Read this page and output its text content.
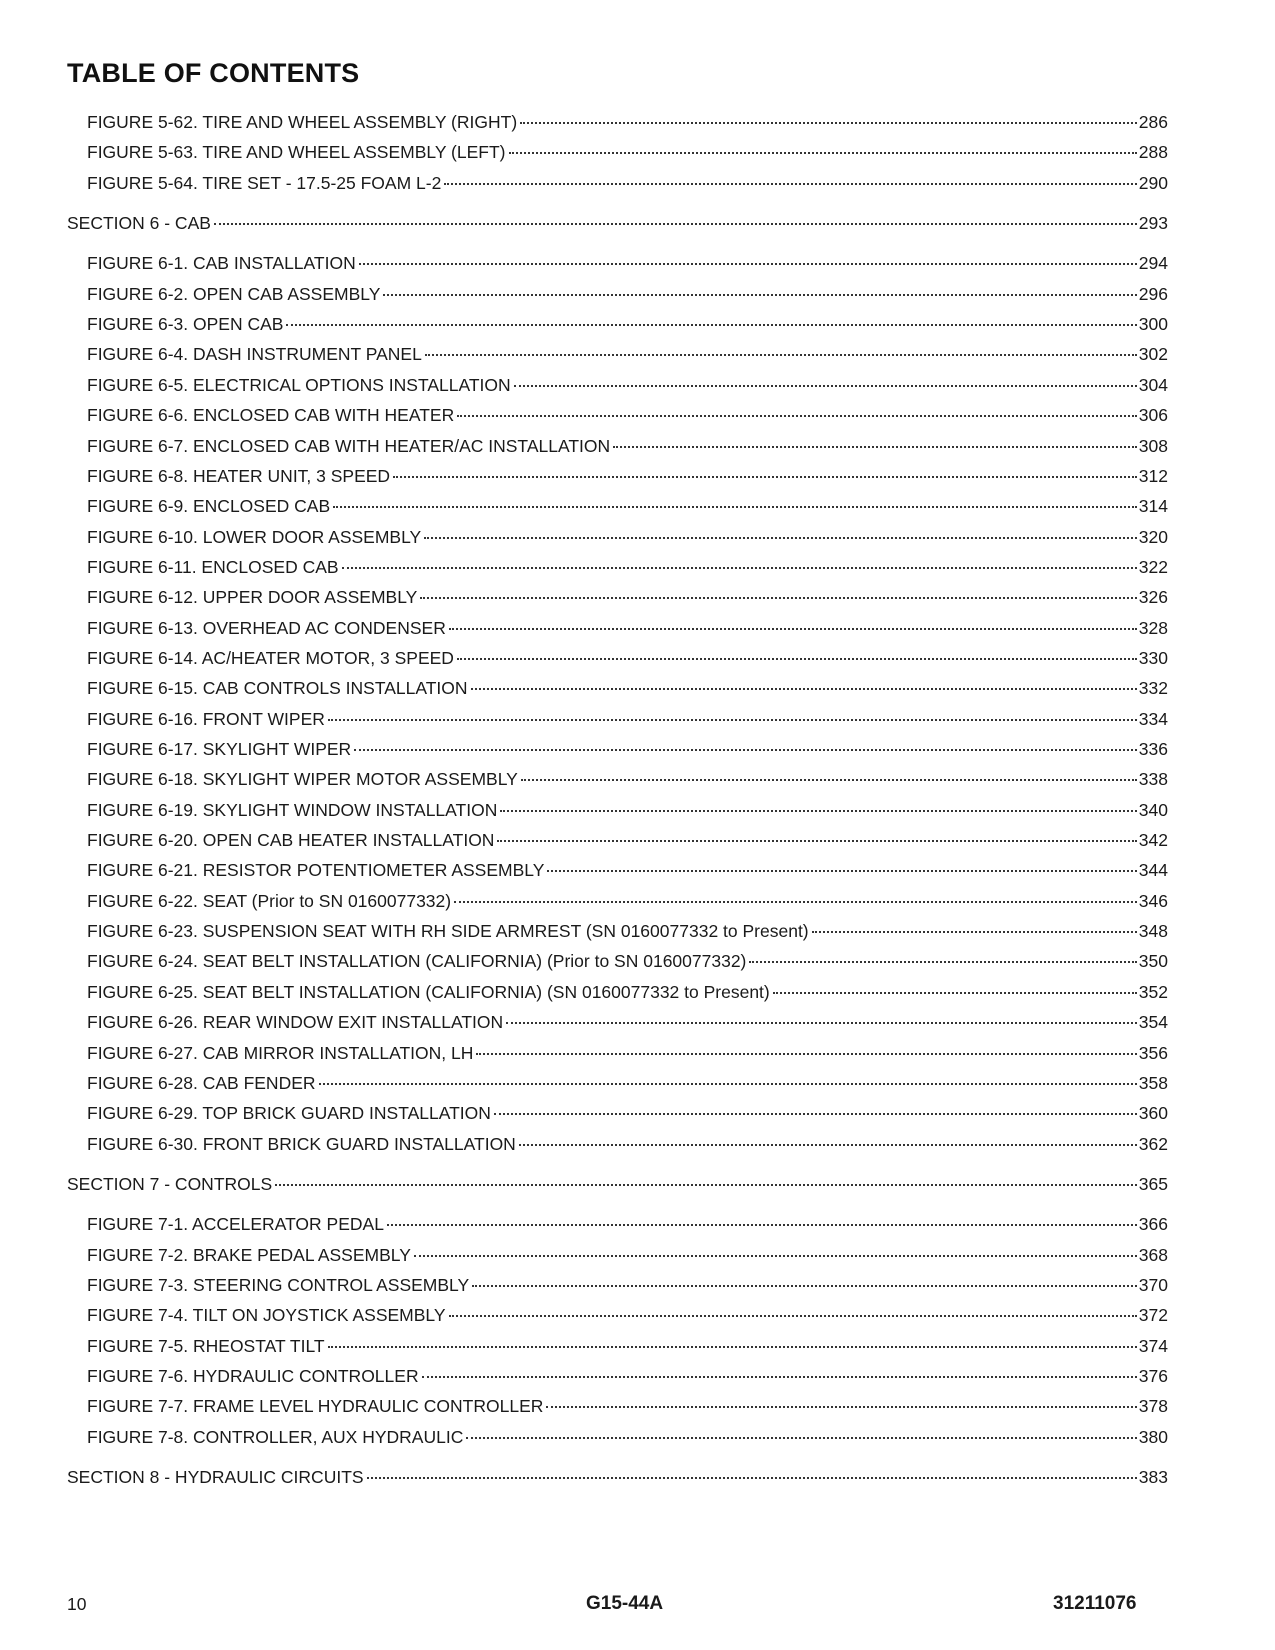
TABLE OF CONTENTS
FIGURE 5-62. TIRE AND WHEEL ASSEMBLY (RIGHT)	286
FIGURE 5-63. TIRE AND WHEEL ASSEMBLY (LEFT)	288
FIGURE 5-64. TIRE SET - 17.5-25 FOAM L-2	290
SECTION 6 - CAB	293
FIGURE 6-1. CAB INSTALLATION	294
FIGURE 6-2. OPEN CAB ASSEMBLY	296
FIGURE 6-3. OPEN CAB	300
FIGURE 6-4. DASH INSTRUMENT PANEL	302
FIGURE 6-5. ELECTRICAL OPTIONS INSTALLATION	304
FIGURE 6-6. ENCLOSED CAB WITH HEATER	306
FIGURE 6-7. ENCLOSED CAB WITH HEATER/AC INSTALLATION	308
FIGURE 6-8. HEATER UNIT, 3 SPEED	312
FIGURE 6-9. ENCLOSED CAB	314
FIGURE 6-10. LOWER DOOR ASSEMBLY	320
FIGURE 6-11. ENCLOSED CAB	322
FIGURE 6-12. UPPER DOOR ASSEMBLY	326
FIGURE 6-13. OVERHEAD AC CONDENSER	328
FIGURE 6-14. AC/HEATER MOTOR, 3 SPEED	330
FIGURE 6-15. CAB CONTROLS INSTALLATION	332
FIGURE 6-16. FRONT WIPER	334
FIGURE 6-17. SKYLIGHT WIPER	336
FIGURE 6-18. SKYLIGHT WIPER MOTOR ASSEMBLY	338
FIGURE 6-19. SKYLIGHT WINDOW INSTALLATION	340
FIGURE 6-20. OPEN CAB HEATER INSTALLATION	342
FIGURE 6-21. RESISTOR POTENTIOMETER ASSEMBLY	344
FIGURE 6-22. SEAT (Prior to SN 0160077332)	346
FIGURE 6-23. SUSPENSION SEAT WITH RH SIDE ARMREST (SN 0160077332 to Present)	348
FIGURE 6-24. SEAT BELT INSTALLATION (CALIFORNIA) (Prior to SN 0160077332)	350
FIGURE 6-25. SEAT BELT INSTALLATION (CALIFORNIA) (SN 0160077332 to Present)	352
FIGURE 6-26. REAR WINDOW EXIT INSTALLATION	354
FIGURE 6-27. CAB MIRROR INSTALLATION, LH	356
FIGURE 6-28. CAB FENDER	358
FIGURE 6-29. TOP BRICK GUARD INSTALLATION	360
FIGURE 6-30. FRONT BRICK GUARD INSTALLATION	362
SECTION 7 - CONTROLS	365
FIGURE 7-1. ACCELERATOR PEDAL	366
FIGURE 7-2. BRAKE PEDAL ASSEMBLY	368
FIGURE 7-3. STEERING CONTROL ASSEMBLY	370
FIGURE 7-4. TILT ON JOYSTICK ASSEMBLY	372
FIGURE 7-5. RHEOSTAT TILT	374
FIGURE 7-6. HYDRAULIC CONTROLLER	376
FIGURE 7-7. FRAME LEVEL HYDRAULIC CONTROLLER	378
FIGURE 7-8. CONTROLLER, AUX HYDRAULIC	380
SECTION 8 - HYDRAULIC CIRCUITS	383
10	G15-44A	31211076
